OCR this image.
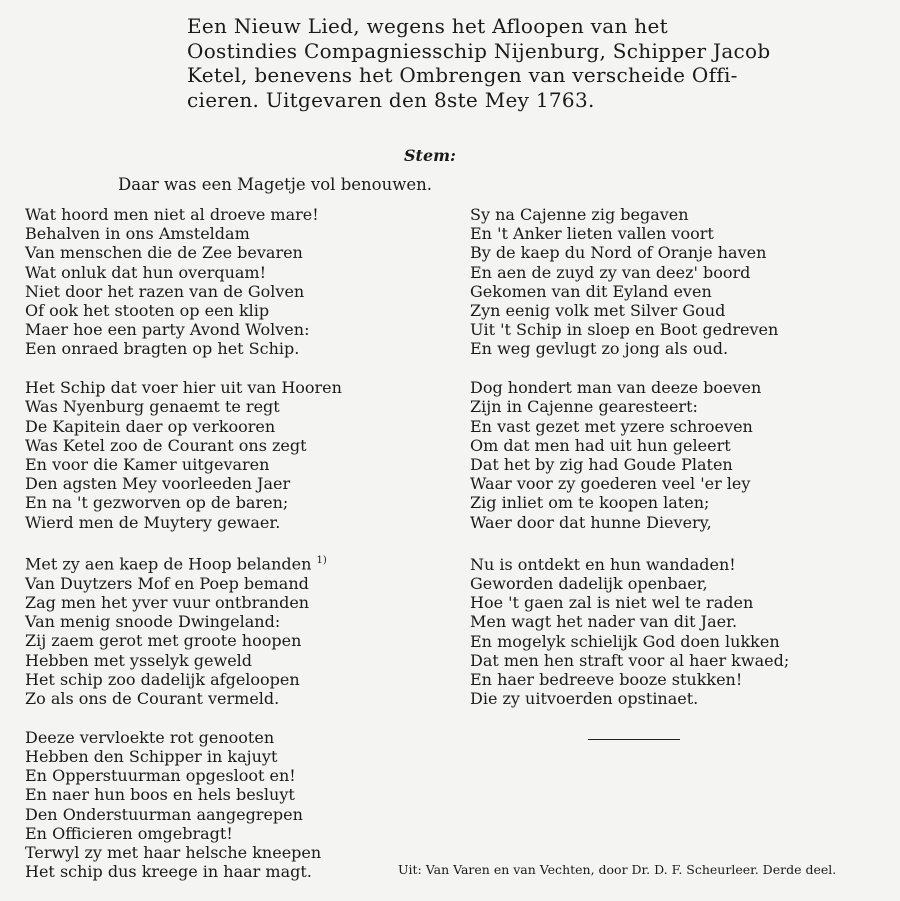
Een Nieuw Lied, wegens het Afloopen van het
Oostindies Compagniesschip Nijenburg, Schipper Jacob
Ketel, benevens het Ombrengen van verscheide Offi-
cieren. Uitgevaren den 8ste Mey 1763.
Stem:
Daar was een Magetje vol benouwen.
Wat hoord men niet al droeve mare!
Behalven in ons Amsteldam
Van menschen die de Zee bevaren
Wat onluk dat hun overquam!
Niet door het razen van de Golven
Of ook het stooten op een klip
Maer hoe een party Avond Wolven:
Een onraed bragten op het Schip.
Het Schip dat voer hier uit van Hooren
Was Nyenburg genaemt te regt
De Kapitein daer op verkooren
Was Ketel zoo de Courant ons zegt
En voor die Kamer uitgevaren
Den agsten Mey voorleeden Jaer
En na 't gezworven op de baren;
Wierd men de Muytery gewaer.
Met zy aen kaep de Hoop belanden $^{1)}$
Van Duytzers Mof en Poep bemand
Zag men het yver vuur ontbranden
Van menig snoode Dwingeland:
Zij zaem gerot met groote hoopen
Hebben met ysselyk geweld
Het schip zoo dadelijk afgeloopen
Zo als ons de Courant vermeld.
Deeze vervloekte rot genooten
Hebben den Schipper in kajuyt
En Opperstuurman opgesloot en!
En naer hun boos en hels besluyt
Den Onderstuurman aangegrepen
En Officieren omgebragt!
Terwyl zy met haar helsche kneepen
Het schip dus kreege in haar magt.
Sy na Cajenne zig begaven
En 't Anker lieten vallen voort
By de kaep du Nord of Oranje haven
En aen de zuyd zy van deez' boord
Gekomen van dit Eyland even
Zyn eenig volk met Silver Goud
Uit 't Schip in sloep en Boot gedreven
En weg gevlugt zo jong als oud.
Dog hondert man van deeze boeven
Zijn in Cajenne gearesteert:
En vast gezet met yzere schroeven
Om dat men had uit hun geleert
Dat het by zig had Goude Platen
Waar voor zy goederen veel 'er ley
Zig inliet om te koopen laten;
Waer door dat hunne Dievery,
Nu is ontdekt en hun wandaden!
Geworden dadelijk openbaer,
Hoe 't gaen zal is niet wel te raden
Men wagt het nader van dit Jaer.
En mogelyk schielijk God doen lukken
Dat men hen straft voor al haer kwaed;
En haer bedreeve booze stukken!
Die zy uitvoerden opstinaet.
Uit: Van Varen en van Vechten, door Dr. D. F. Scheurleer. Derde deel.
